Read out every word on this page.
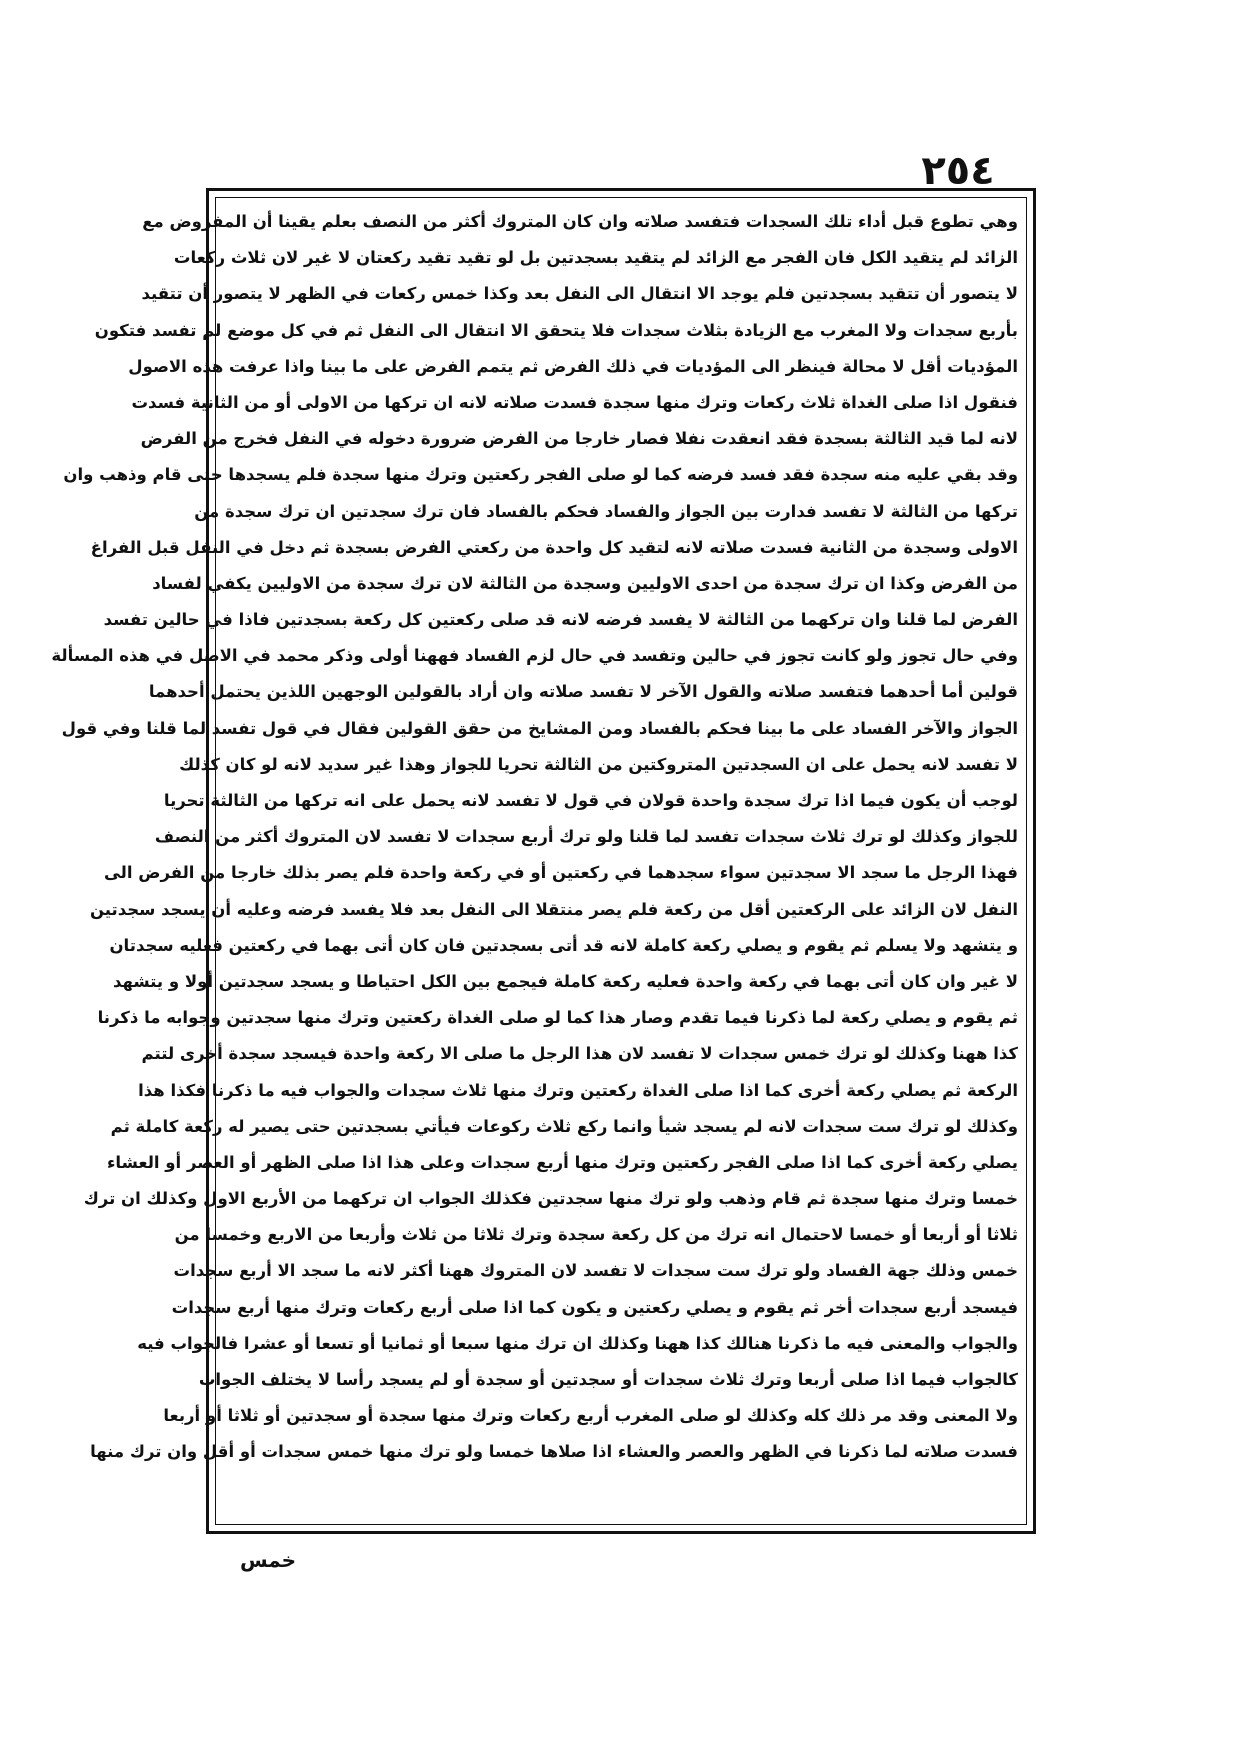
٢٥٤
وهي تطوع قبل أداء تلك السجدات فتفسد صلاته وان كان المتروك أكثر من النصف بعلم يقينا أن المفروض مع
الزائد لم يتقيد الكل فان الفجر مع الزائد لم يتقيد بسجدتين بل لو تقيد تقيد ركعتان لا غير لان ثلاث ركعات
لا يتصور أن تتقيد بسجدتين فلم يوجد الا انتقال الى النفل بعد وكذا خمس ركعات في الظهر لا يتصور أن تتقيد
بأربع سجدات ولا المغرب مع الزيادة بثلاث سجدات فلا يتحقق الا انتقال الى النفل ثم في كل موضع لم تفسد فتكون
المؤديات أقل لا محالة فينظر الى المؤديات في ذلك الفرض ثم يتمم الفرض على ما بينا واذا عرفت هذه الاصول
فنقول اذا صلى الغداة ثلاث ركعات وترك منها سجدة فسدت صلاته لانه ان تركها من الاولى أو من الثانية فسدت
لانه لما قيد الثالثة بسجدة فقد انعقدت نفلا فصار خارجا من الفرض ضرورة دخوله في النفل فخرج من الفرض
وقد بقي عليه منه سجدة فقد فسد فرضه كما لو صلى الفجر ركعتين وترك منها سجدة فلم يسجدها حتى قام وذهب وان
تركها من الثالثة لا تفسد فدارت بين الجواز والفساد فحكم بالفساد فان ترك سجدتين ان ترك سجدة من
الاولى وسجدة من الثانية فسدت صلاته لانه لتقيد كل واحدة من ركعتي الفرض بسجدة ثم دخل في النفل قبل الفراغ
من الفرض وكذا ان ترك سجدة من احدى الاوليين وسجدة من الثالثة لان ترك سجدة من الاوليين يكفي لفساد
الفرض لما قلنا وان تركهما من الثالثة لا يفسد فرضه لانه قد صلى ركعتين كل ركعة بسجدتين فاذا في حالين تفسد
وفي حال تجوز ولو كانت تجوز في حالين وتفسد في حال لزم الفساد فههنا أولى وذكر محمد في الاصل في هذه المسألة
قولين أما أحدهما فتفسد صلاته والقول الآخر لا تفسد صلاته وان أراد بالقولين الوجهين اللذين يحتمل أحدهما
الجواز والآخر الفساد على ما بينا فحكم بالفساد ومن المشايخ من حقق القولين فقال في قول تفسد لما قلنا وفي قول
لا تفسد لانه يحمل على ان السجدتين المتروكتين من الثالثة تحريا للجواز وهذا غير سديد لانه لو كان كذلك
لوجب أن يكون فيما اذا ترك سجدة واحدة قولان في قول لا تفسد لانه يحمل على انه تركها من الثالثة تحريا
للجواز وكذلك لو ترك ثلاث سجدات تفسد لما قلنا ولو ترك أربع سجدات لا تفسد لان المتروك أكثر من النصف
فهذا الرجل ما سجد الا سجدتين سواء سجدهما في ركعتين أو في ركعة واحدة فلم يصر بذلك خارجا من الفرض الى
النفل لان الزائد على الركعتين أقل من ركعة فلم يصر منتقلا الى النفل بعد فلا يفسد فرضه وعليه أن يسجد سجدتين
و يتشهد ولا يسلم ثم يقوم و يصلي ركعة كاملة لانه قد أتى بسجدتين فان كان أتى بهما في ركعتين فعليه سجدتان
لا غير وان كان أتى بهما في ركعة واحدة فعليه ركعة كاملة فيجمع بين الكل احتياطا و يسجد سجدتين أولا و يتشهد
ثم يقوم و يصلي ركعة لما ذكرنا فيما تقدم وصار هذا كما لو صلى الغداة ركعتين وترك منها سجدتين وجوابه ما ذكرنا
كذا ههنا وكذلك لو ترك خمس سجدات لا تفسد لان هذا الرجل ما صلى الا ركعة واحدة فيسجد سجدة أخرى لتتم
الركعة ثم يصلي ركعة أخرى كما اذا صلى الغداة ركعتين وترك منها ثلاث سجدات والجواب فيه ما ذكرنا فكذا هذا
وكذلك لو ترك ست سجدات لانه لم يسجد شيأ وانما ركع ثلاث ركوعات فيأتي بسجدتين حتى يصير له ركعة كاملة ثم
يصلي ركعة أخرى كما اذا صلى الفجر ركعتين وترك منها أربع سجدات وعلى هذا اذا صلى الظهر أو العصر أو العشاء
خمسا وترك منها سجدة ثم قام وذهب ولو ترك منها سجدتين فكذلك الجواب ان تركهما من الأربع الاول وكذلك ان ترك
ثلاثا أو أربعا أو خمسا لاحتمال انه ترك من كل ركعة سجدة وترك ثلاثا من ثلاث وأربعا من الاربع وخمسا من
خمس وذلك جهة الفساد ولو ترك ست سجدات لا تفسد لان المتروك ههنا أكثر لانه ما سجد الا أربع سجدات
فيسجد أربع سجدات أخر ثم يقوم و يصلي ركعتين و يكون كما اذا صلى أربع ركعات وترك منها أربع سجدات
والجواب والمعنى فيه ما ذكرنا هنالك كذا ههنا وكذلك ان ترك منها سبعا أو ثمانيا أو تسعا أو عشرا فالجواب فيه
كالجواب فيما اذا صلى أربعا وترك ثلاث سجدات أو سجدتين أو سجدة أو لم يسجد رأسا لا يختلف الجواب
ولا المعنى وقد مر ذلك كله وكذلك لو صلى المغرب أربع ركعات وترك منها سجدة أو سجدتين أو ثلاثا أو أربعا
فسدت صلاته لما ذكرنا في الظهر والعصر والعشاء اذا صلاها خمسا ولو ترك منها خمس سجدات أو أقل وان ترك منها
خمس
